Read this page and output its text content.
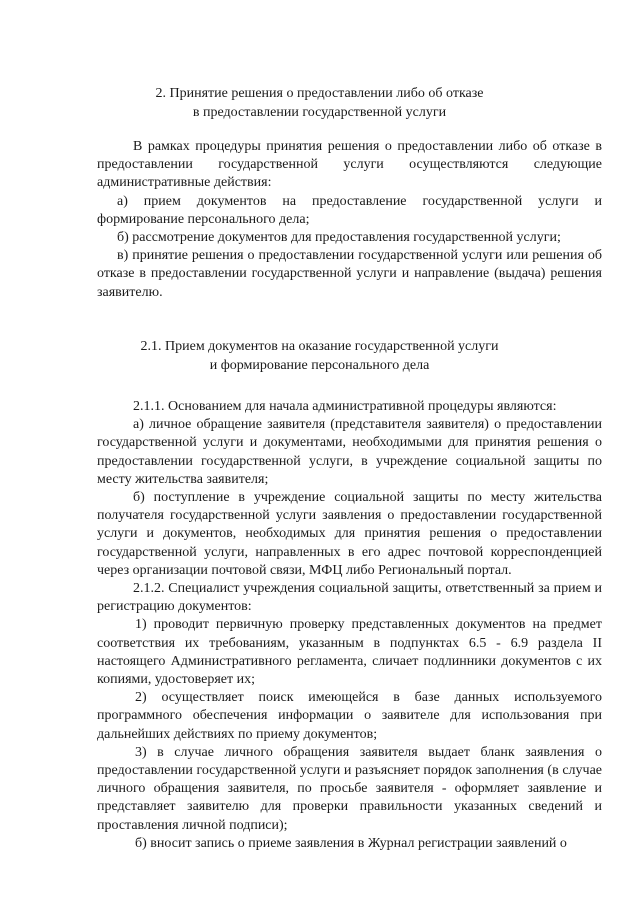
2. Принятие решения о предоставлении либо об отказе
в предоставлении государственной услуги

В рамках процедуры принятия решения о предоставлении либо об отказе в предоставлении государственной услуги осуществляются следующие административные действия:

а) прием документов на предоставление государственной услуги и формирование персонального дела;

б) рассмотрение документов для предоставления государственной услуги;

в) принятие решения о предоставлении государственной услуги или решения об отказе в предоставлении государственной услуги и направление (выдача) решения заявителю.

2.1. Прием документов на оказание государственной услуги
и формирование персонального дела

2.1.1. Основанием для начала административной процедуры являются:

а) личное обращение заявителя (представителя заявителя) о предоставлении государственной услуги и документами, необходимыми для принятия решения о предоставлении государственной услуги, в учреждение социальной защиты по месту жительства заявителя;

б) поступление в учреждение социальной защиты по месту жительства получателя государственной услуги заявления о предоставлении государственной услуги и документов, необходимых для принятия решения о предоставлении государственной услуги, направленных в его адрес почтовой корреспонденцией через организации почтовой связи, МФЦ либо Региональный портал.

2.1.2. Специалист учреждения социальной защиты, ответственный за прием и регистрацию документов:

1) проводит первичную проверку представленных документов на предмет соответствия их требованиям, указанным в подпунктах 6.5 - 6.9 раздела II настоящего Административного регламента, сличает подлинники документов с их копиями, удостоверяет их;

2) осуществляет поиск имеющейся в базе данных используемого программного обеспечения информации о заявителе для использования при дальнейших действиях по приему документов;

3) в случае личного обращения заявителя выдает бланк заявления о предоставлении государственной услуги и разъясняет порядок заполнения (в случае личного обращения заявителя, по просьбе заявителя - оформляет заявление и представляет заявителю для проверки правильности указанных сведений и проставления личной подписи);

б) вносит запись о приеме заявления в Журнал регистрации заявлений о
